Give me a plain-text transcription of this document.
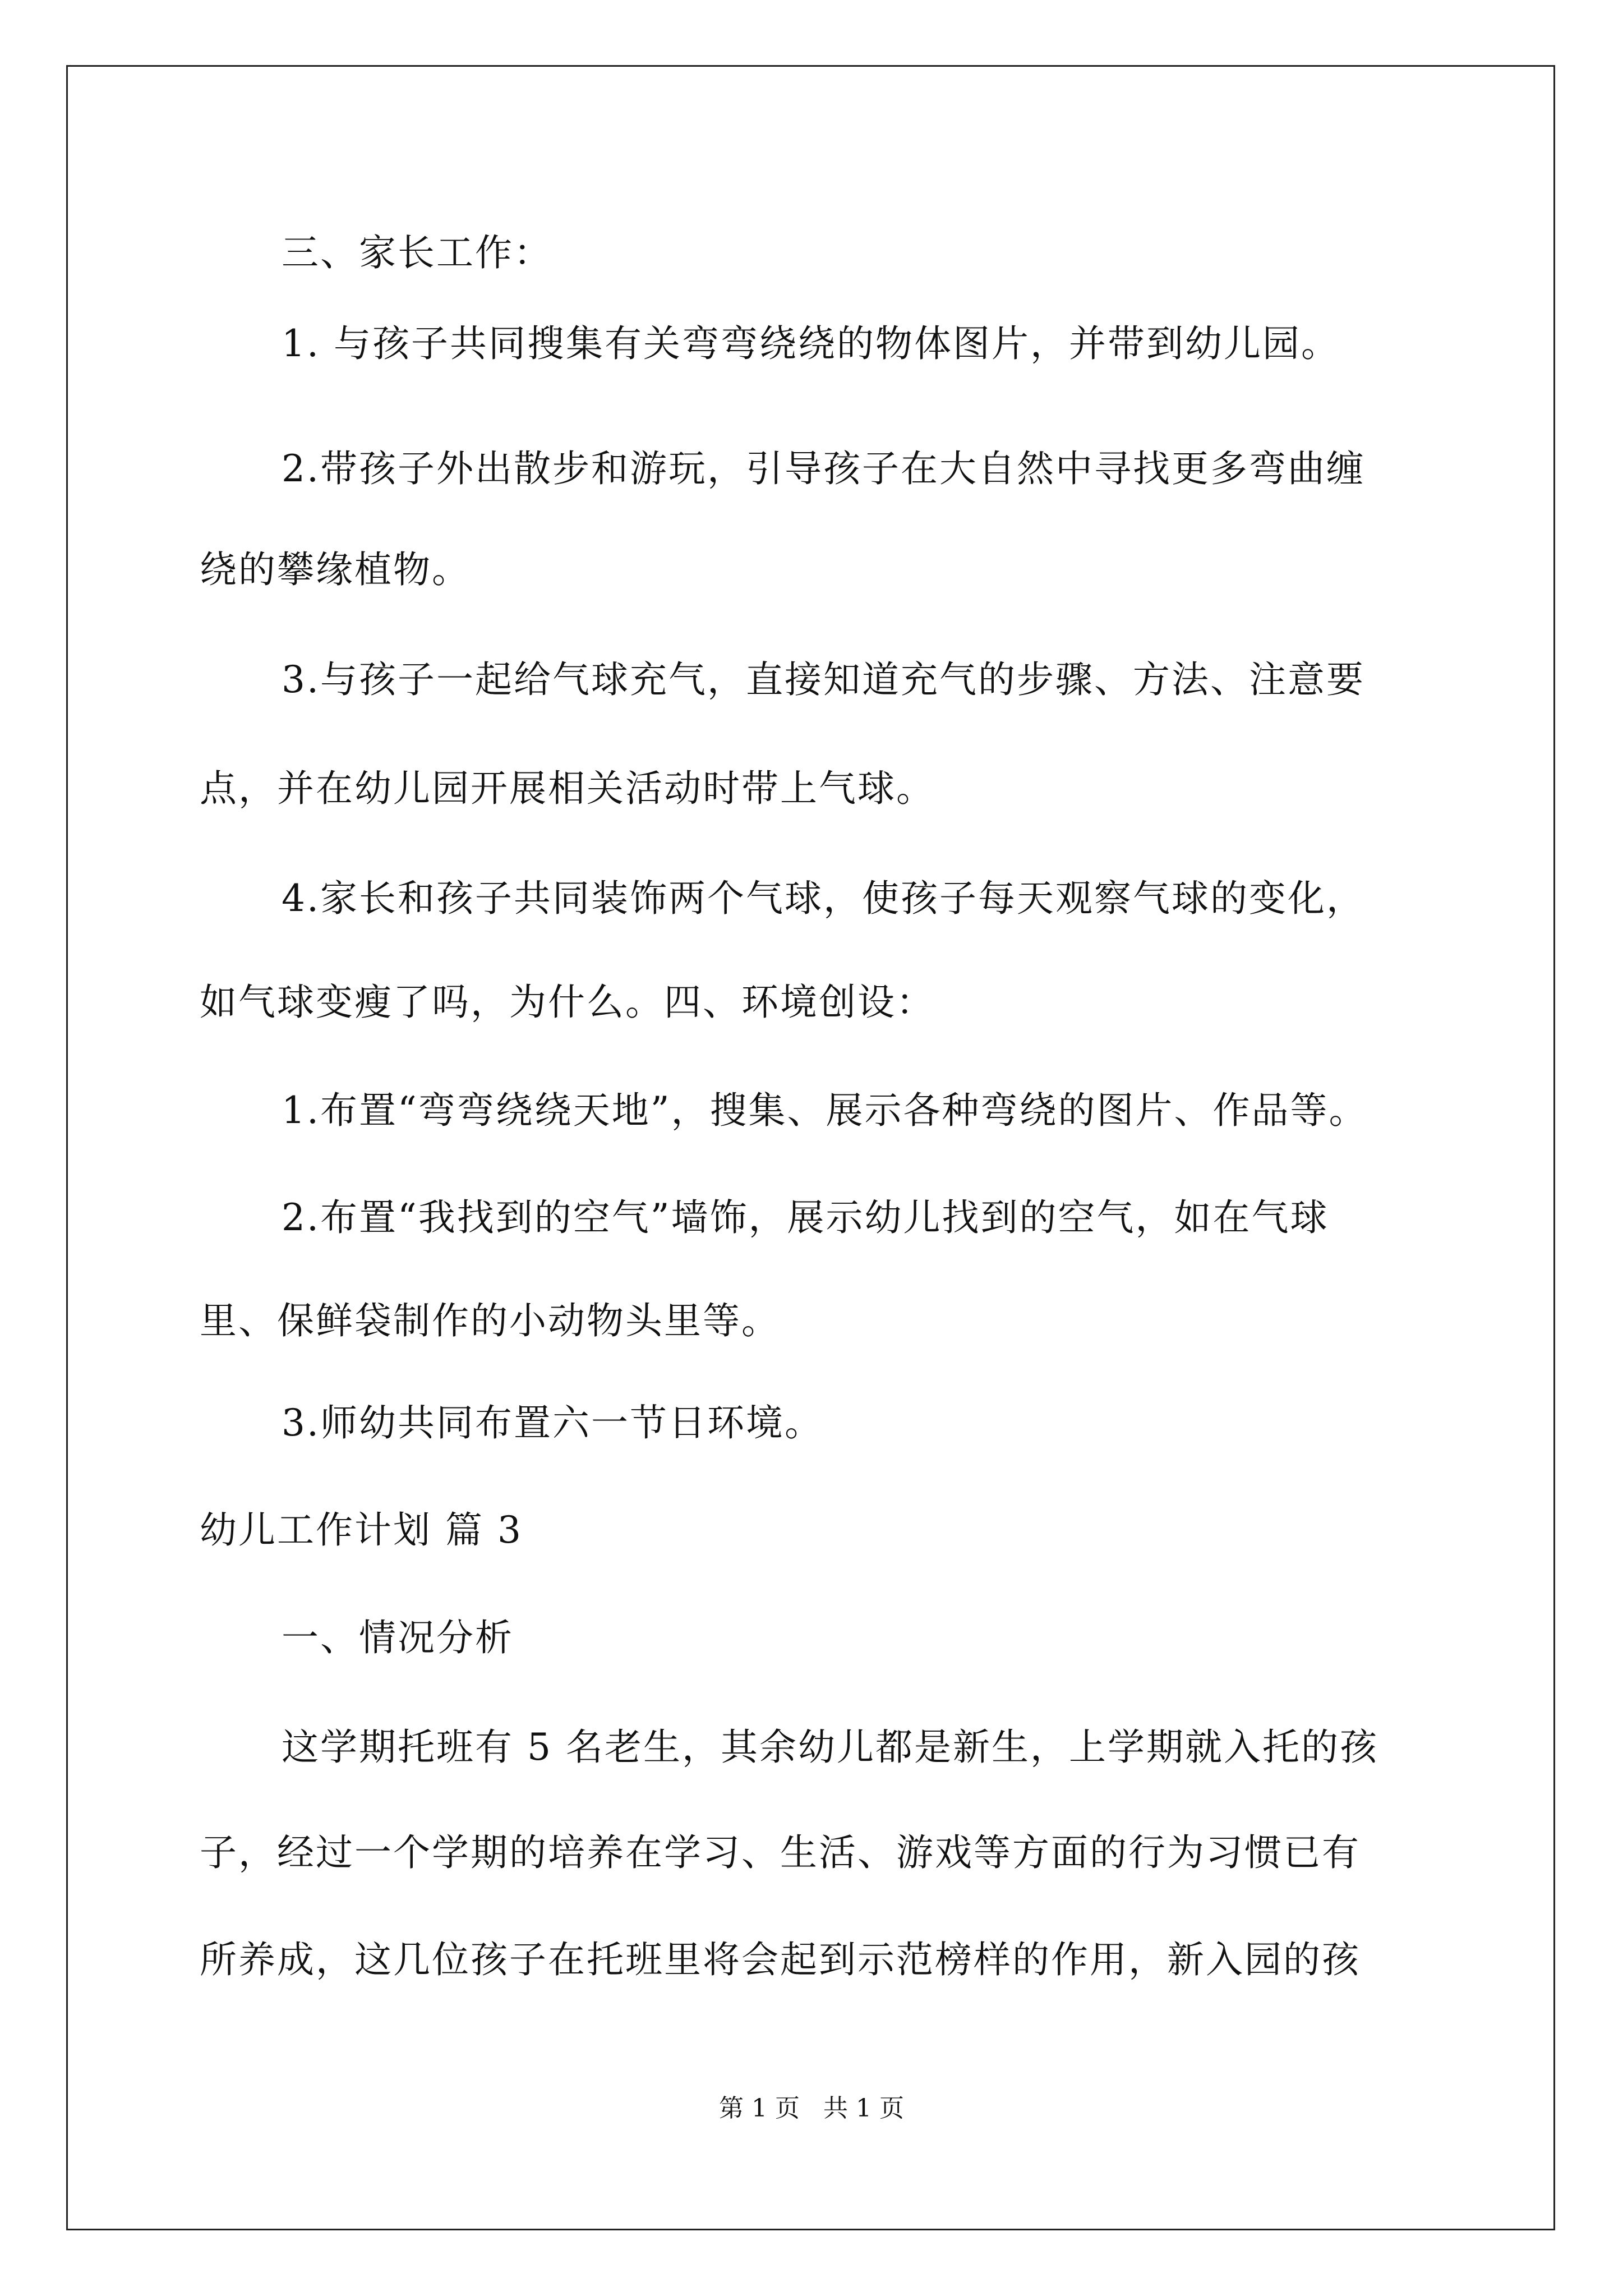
三、家长工作：
1. 与孩子共同搜集有关弯弯绕绕的物体图片，并带到幼儿园。
2.带孩子外出散步和游玩，引导孩子在大自然中寻找更多弯曲缠
绕的攀缘植物。
3.与孩子一起给气球充气，直接知道充气的步骤、方法、注意要
点，并在幼儿园开展相关活动时带上气球。
4.家长和孩子共同装饰两个气球，使孩子每天观察气球的变化，
如气球变瘦了吗，为什么。四、环境创设：
1.布置“弯弯绕绕天地”，搜集、展示各种弯绕的图片、作品等。
2.布置“我找到的空气”墙饰，展示幼儿找到的空气，如在气球
里、保鲜袋制作的小动物头里等。
3.师幼共同布置六一节日环境。
幼儿工作计划 篇 3
一、情况分析
这学期托班有 5 名老生，其余幼儿都是新生，上学期就入托的孩
子，经过一个学期的培养在学习、生活、游戏等方面的行为习惯已有
所养成，这几位孩子在托班里将会起到示范榜样的作用，新入园的孩
第 1 页   共 1 页
